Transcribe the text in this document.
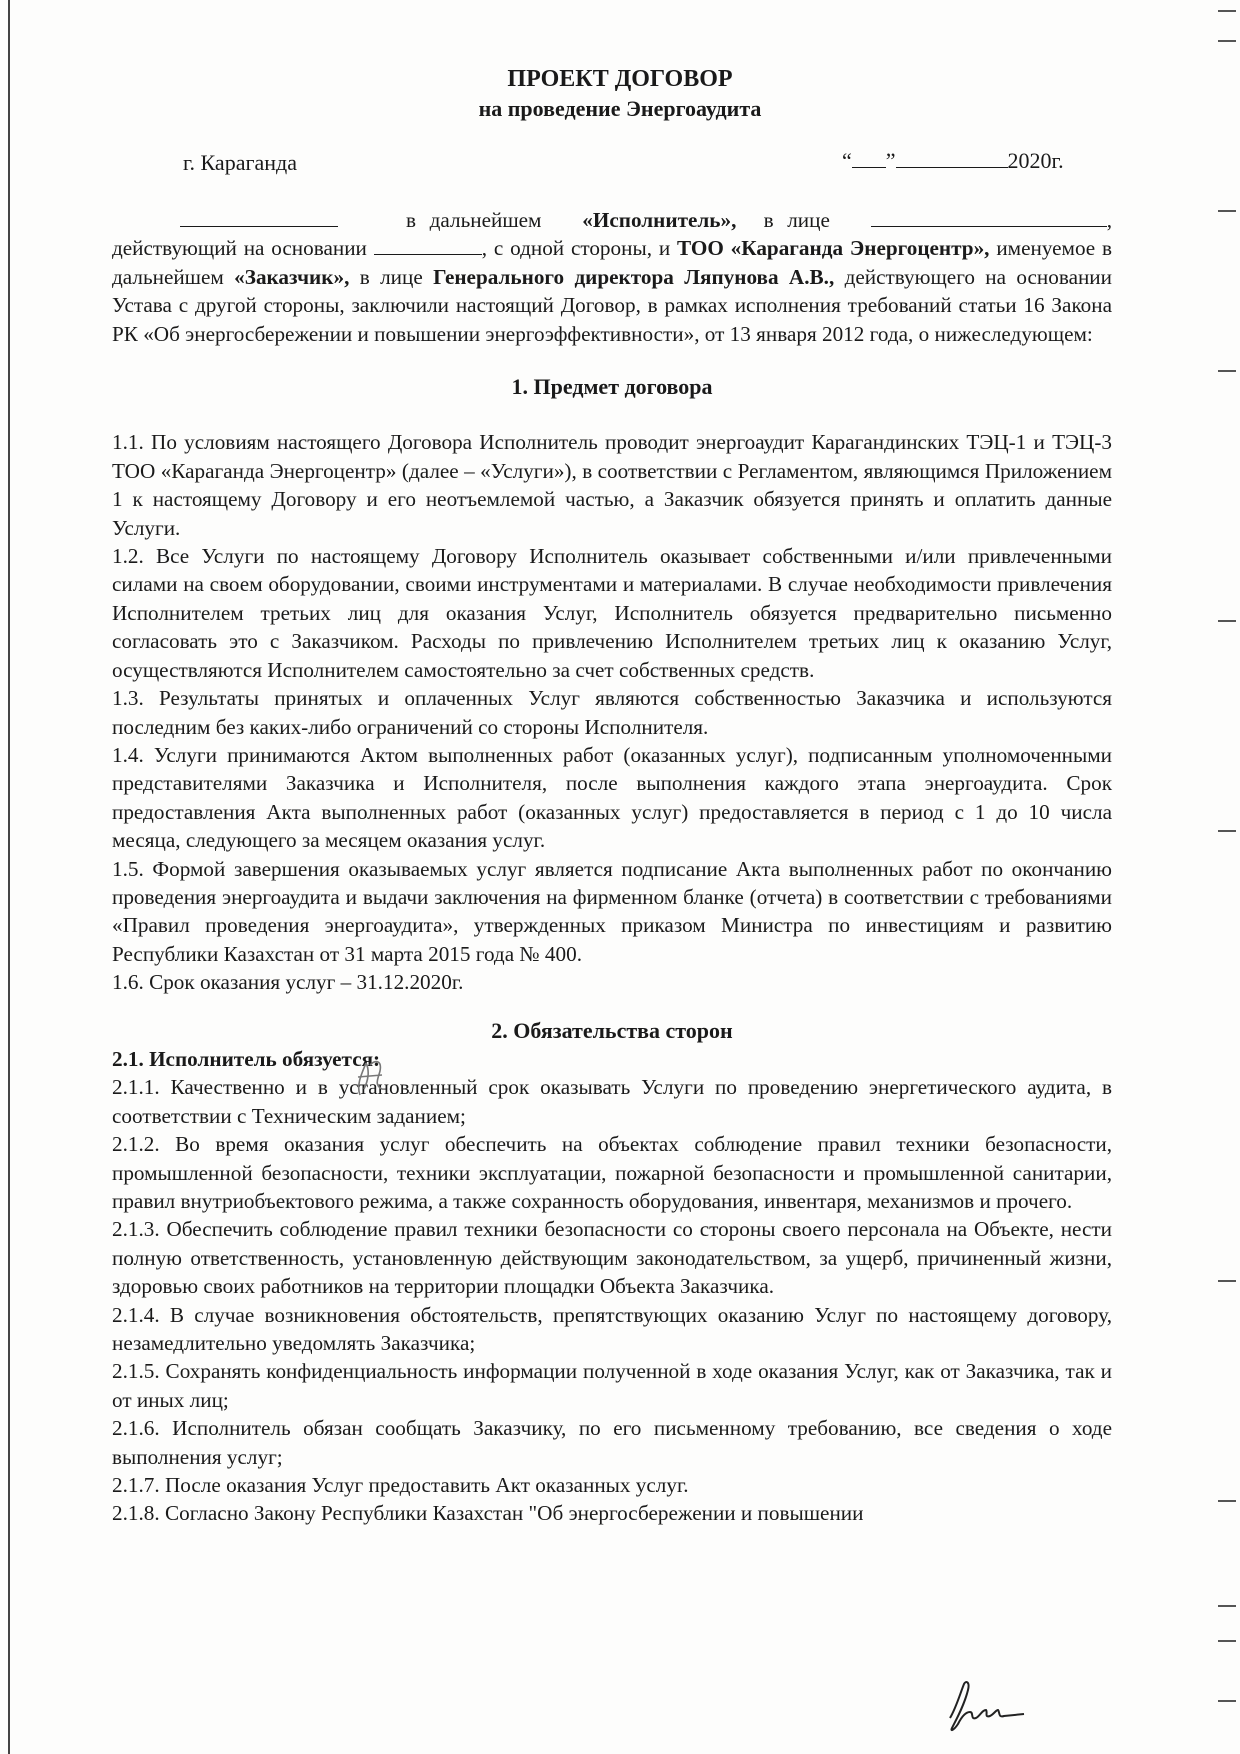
ПРОЕКТ ДОГОВОР
на проведение Энергоаудита
г. Караганда	“ ”	2020г.

в дальнейшем «Исполнитель», в лице	, действующий на основании	, с одной стороны, и ТОО «Караганда Энергоцентр», именуемое в дальнейшем «Заказчик», в лице Генерального директора Ляпунова А.В., действующего на основании Устава с другой стороны, заключили настоящий Договор, в рамках исполнения требований статьи 16 Закона РК «Об энергосбережении и повышении энергоэффективности», от 13 января 2012 года, о нижеследующем:

1. Предмет договора

1.1. По условиям настоящего Договора Исполнитель проводит энергоаудит Карагандинских ТЭЦ-1 и ТЭЦ-3 ТОО «Караганда Энергоцентр» (далее – «Услуги»), в соответствии с Регламентом, являющимся Приложением 1 к настоящему Договору и его неотъемлемой частью, а Заказчик обязуется принять и оплатить данные Услуги.

1.2. Все Услуги по настоящему Договору Исполнитель оказывает собственными и/или привлеченными силами на своем оборудовании, своими инструментами и материалами. В случае необходимости привлечения Исполнителем третьих лиц для оказания Услуг, Исполнитель обязуется предварительно письменно согласовать это с Заказчиком. Расходы по привлечению Исполнителем третьих лиц к оказанию Услуг, осуществляются Исполнителем самостоятельно за счет собственных средств.

1.3. Результаты принятых и оплаченных Услуг являются собственностью Заказчика и используются последним без каких-либо ограничений со стороны Исполнителя.

1.4. Услуги принимаются Актом выполненных работ (оказанных услуг), подписанным уполномоченными представителями Заказчика и Исполнителя, после выполнения каждого этапа энергоаудита. Срок предоставления Акта выполненных работ (оказанных услуг) предоставляется в период с 1 до 10 числа месяца, следующего за месяцем оказания услуг.

1.5. Формой завершения оказываемых услуг является подписание Акта выполненных работ по окончанию проведения энергоаудита и выдачи заключения на фирменном бланке (отчета) в соответствии с требованиями «Правил проведения энергоаудита», утвержденных приказом Министра по инвестициям и развитию Республики Казахстан от 31 марта 2015 года № 400.

1.6. Срок оказания услуг – 31.12.2020г.

2. Обязательства сторон

2.1. Исполнитель обязуется:

2.1.1. Качественно и в установленный срок оказывать Услуги по проведению энергетического аудита, в соответствии с Техническим заданием;

2.1.2. Во время оказания услуг обеспечить на объектах соблюдение правил техники безопасности, промышленной безопасности, техники эксплуатации, пожарной безопасности и промышленной санитарии, правил внутриобъектового режима, а также сохранность оборудования, инвентаря, механизмов и прочего.

2.1.3. Обеспечить соблюдение правил техники безопасности со стороны своего персонала на Объекте, нести полную ответственность, установленную действующим законодательством, за ущерб, причиненный жизни, здоровью своих работников на территории площадки Объекта Заказчика.

2.1.4. В случае возникновения обстоятельств, препятствующих оказанию Услуг по настоящему договору, незамедлительно уведомлять Заказчика;

2.1.5. Сохранять конфиденциальность информации полученной в ходе оказания Услуг, как от Заказчика, так и от иных лиц;

2.1.6. Исполнитель обязан сообщать Заказчику, по его письменному требованию, все сведения о ходе выполнения услуг;

2.1.7. После оказания Услуг предоставить Акт оказанных услуг.

2.1.8. Согласно Закону Республики Казахстан "Об энергосбережении и повышении
